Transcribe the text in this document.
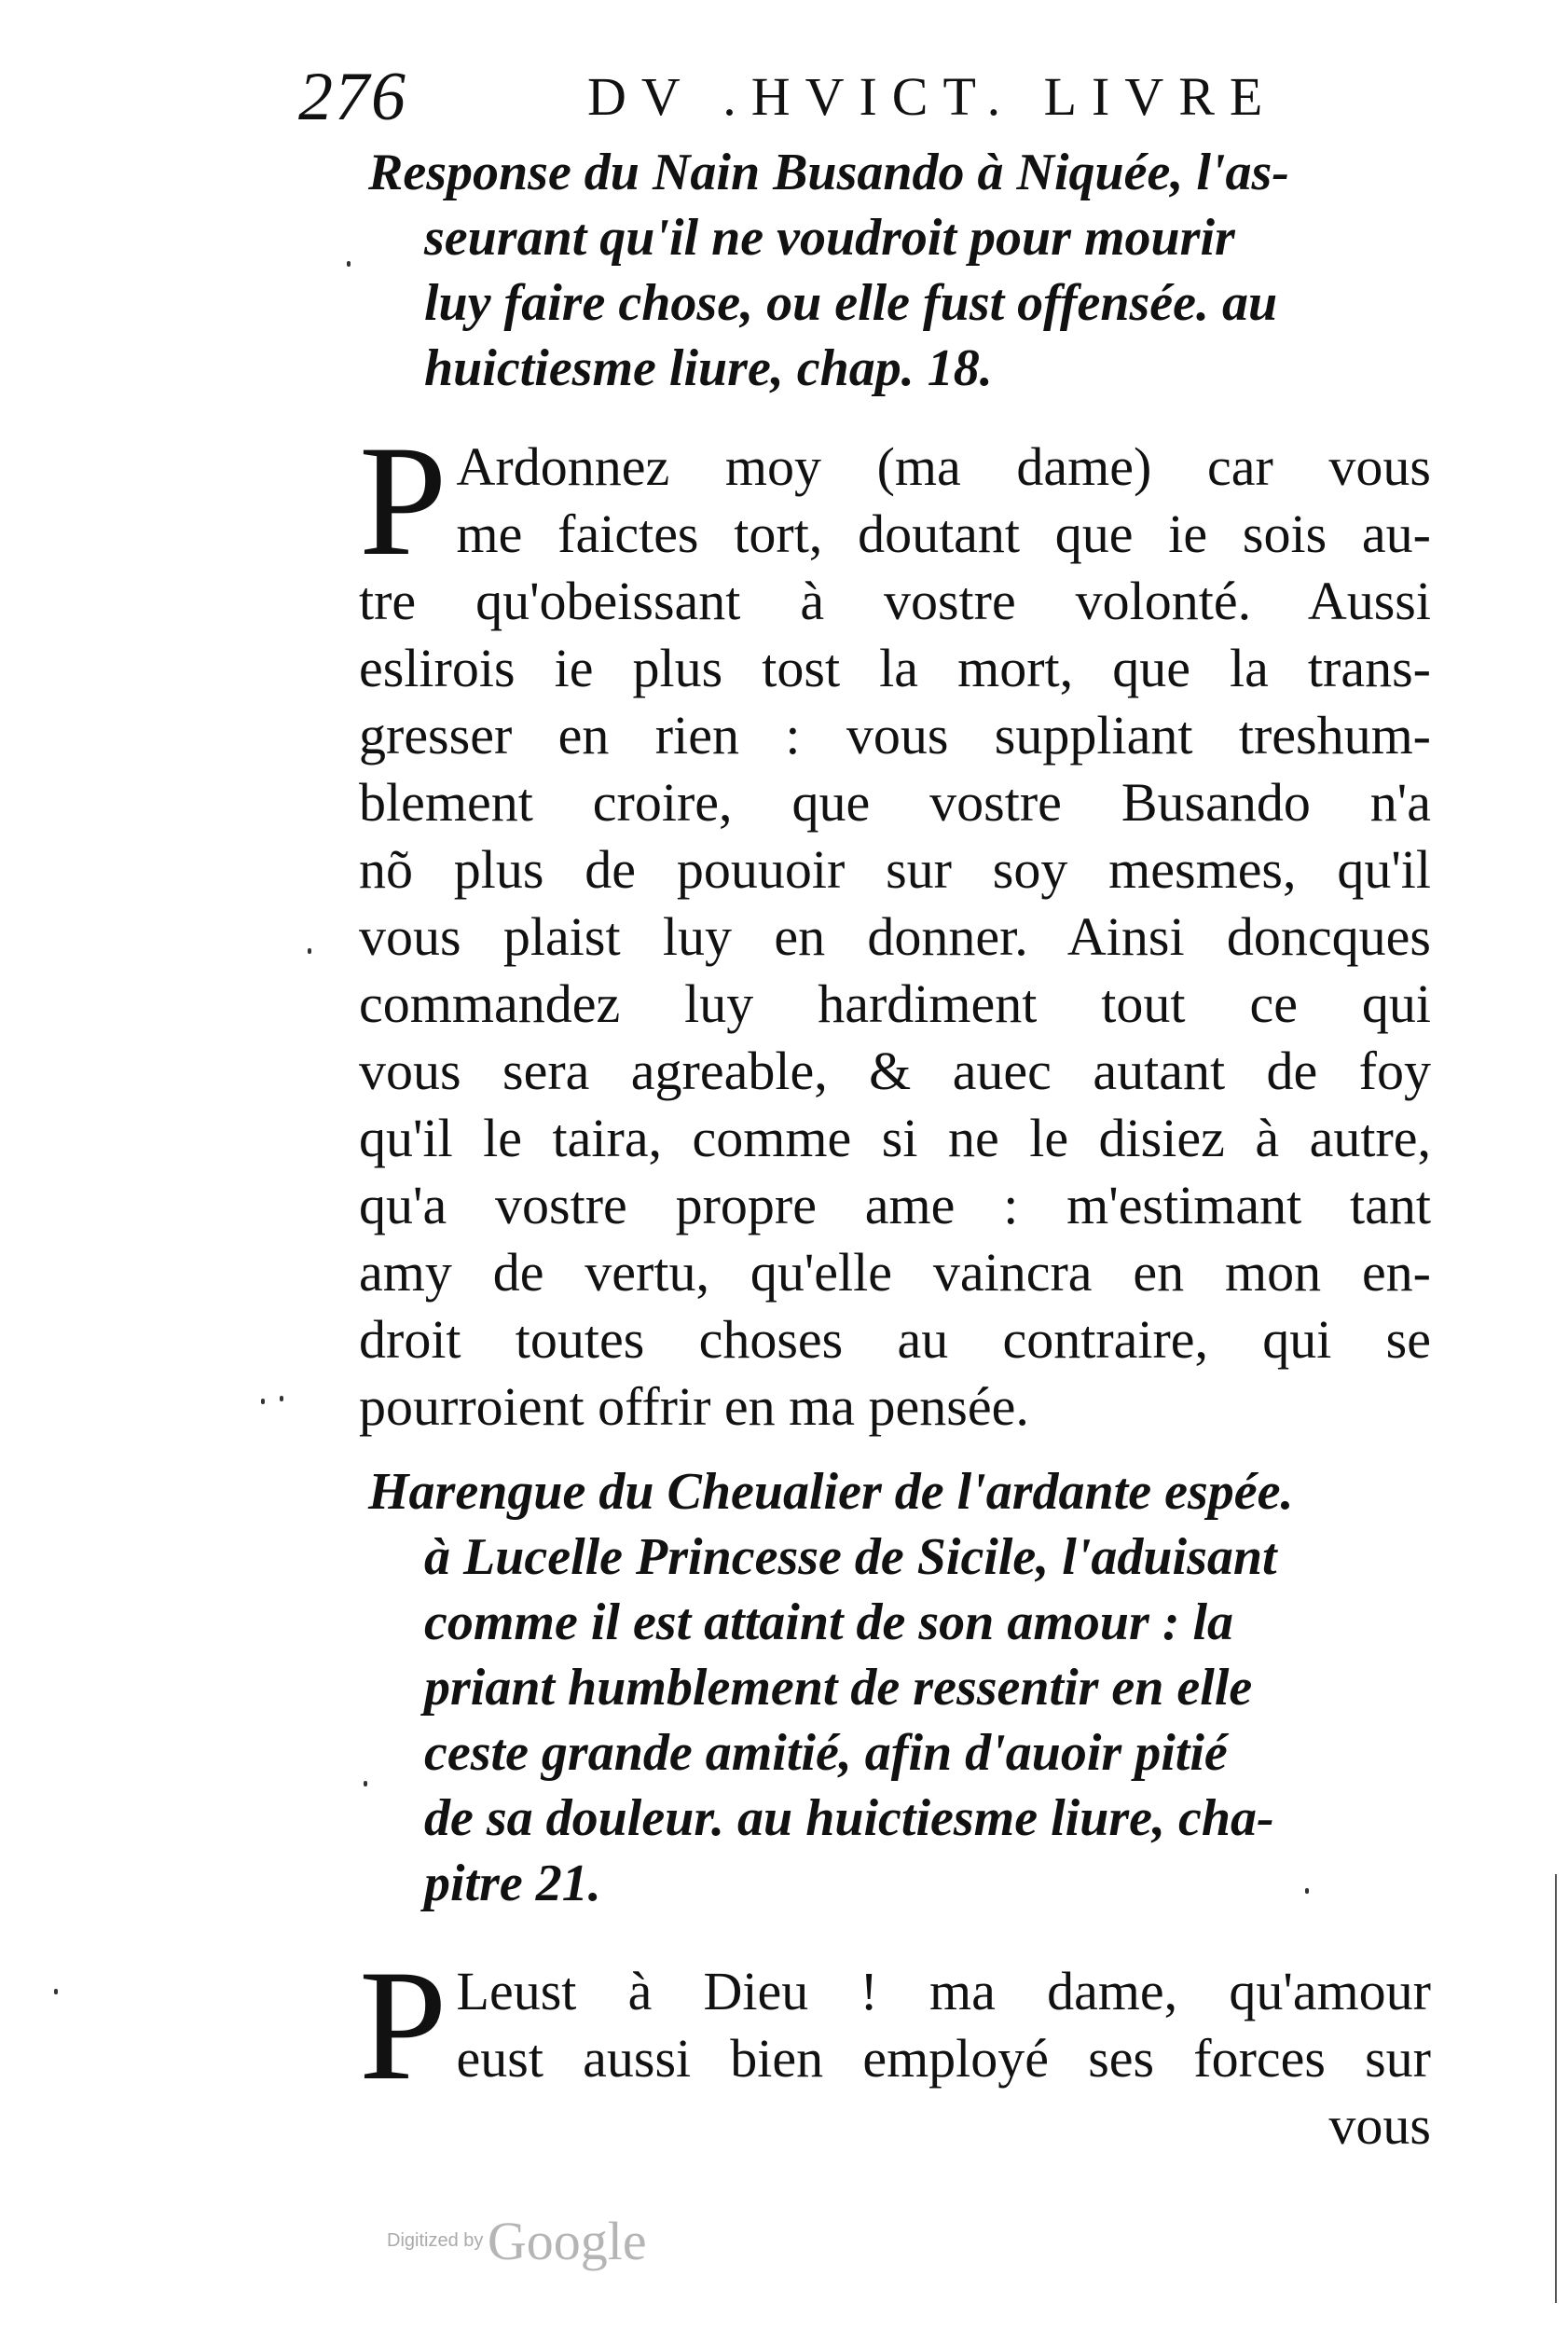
276	DV .HVICT. LIVRE
Response du Nain Busando à Niquée, l'as-
seurant qu'il ne voudroit pour mourir
luy faire chose, ou elle fust offensée. au
huictiesme liure, chap. 18.
P Ardonnez moy (ma dame) car vous
me faictes tort, doutant que ie sois au-
tre qu'obeissant à vostre volonté. Aussi
eslirois ie plus tost la mort, que la trans-
gresser en rien : vous suppliant treshum-
blement croire, que vostre Busando n'a
nõ plus de pouuoir sur soy mesmes, qu'il
vous plaist luy en donner. Ainsi doncques
commandez luy hardiment tout ce qui
vous sera agreable, & auec autant de foy
qu'il le taira, comme si ne le disiez à autre,
qu'a vostre propre ame : m'estimant tant
amy de vertu, qu'elle vaincra en mon en-
droit toutes choses au contraire, qui se
pourroient offrir en ma pensée.
Harengue du Cheualier de l'ardante espée.
à Lucelle Princesse de Sicile, l'aduisant
comme il est attaint de son amour : la
priant humblement de ressentir en elle
ceste grande amitié, afin d'auoir pitié
de sa douleur. au huictiesme liure, cha-
pitre 21.
P Leust à Dieu ! ma dame, qu'amour
eust aussi bien employé ses forces sur
vous
Digitized by Google
